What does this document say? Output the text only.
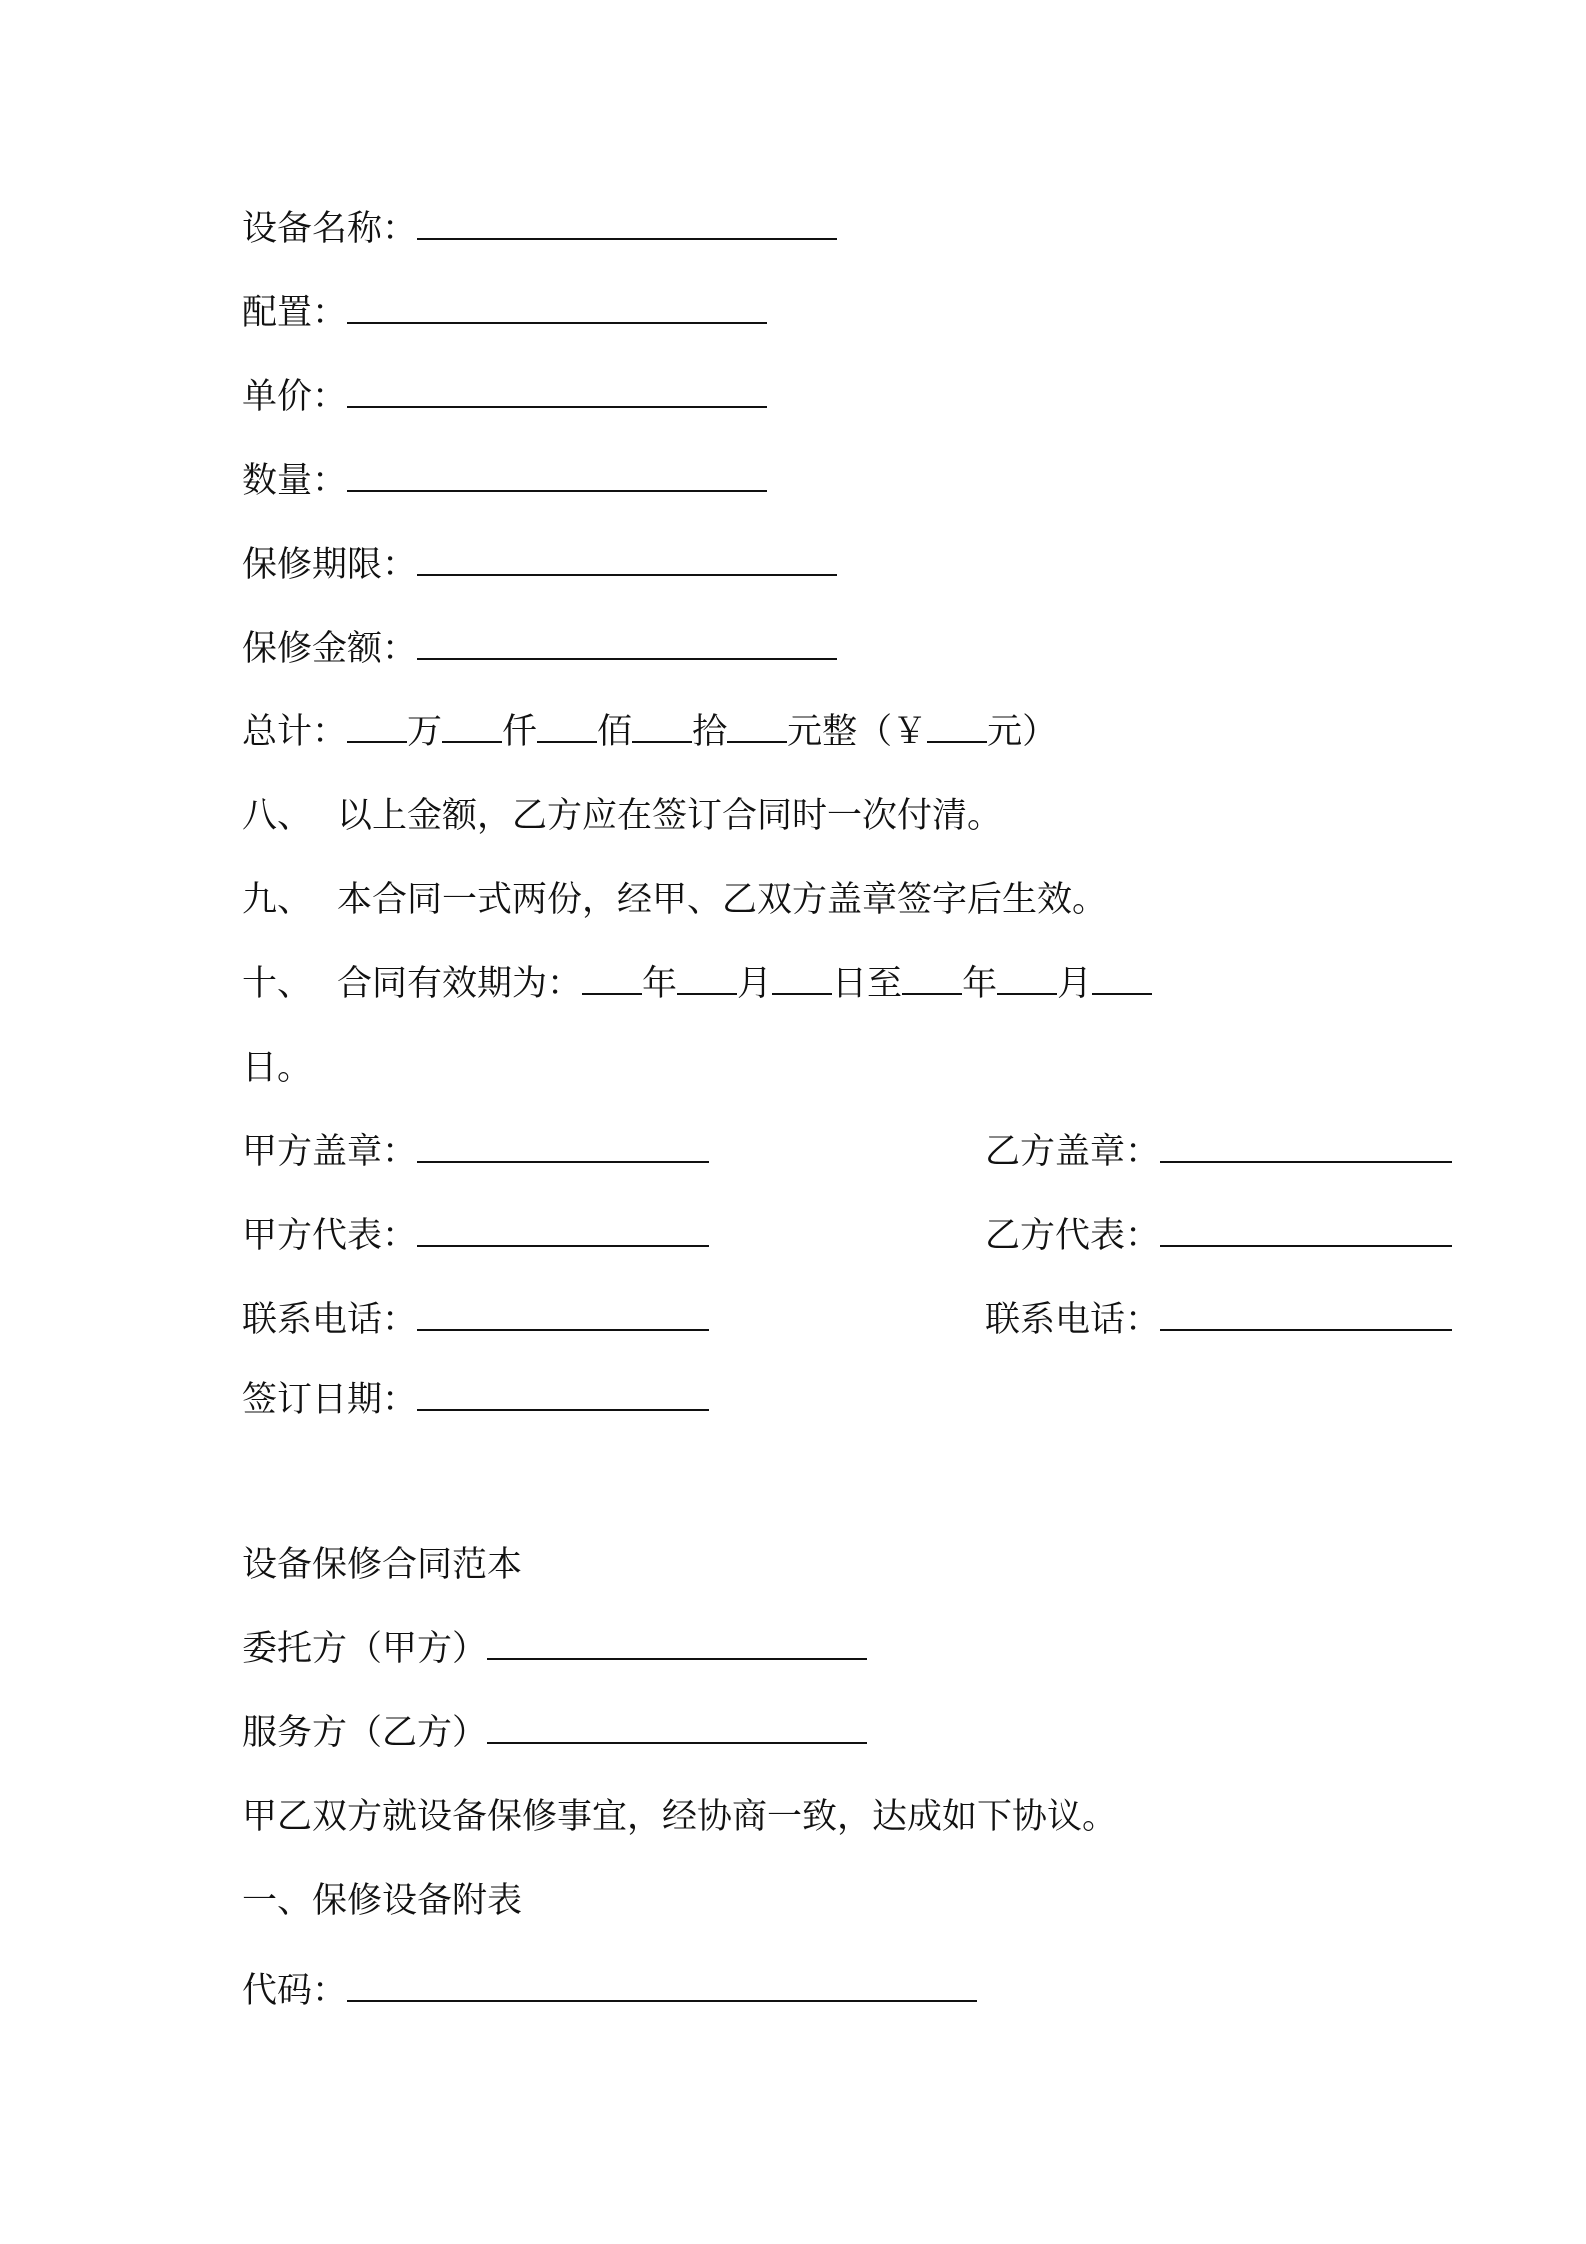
设备名称：
配置：
单价：
数量：
保修期限：
保修金额：
总计： 万 仟 佰 拾 元整（￥ 元）
八、 以上金额，乙方应在签订合同时一次付清。
九、 本合同一式两份，经甲、乙双方盖章签字后生效。
十、 合同有效期为： 年 月 日至 年 月
日。
甲方盖章：	乙方盖章：
甲方代表：	乙方代表：
联系电话：	联系电话：
签订日期：
设备保修合同范本
委托方（甲方）
服务方（乙方）
甲乙双方就设备保修事宜，经协商一致，达成如下协议。
一、保修设备附表
代码：
